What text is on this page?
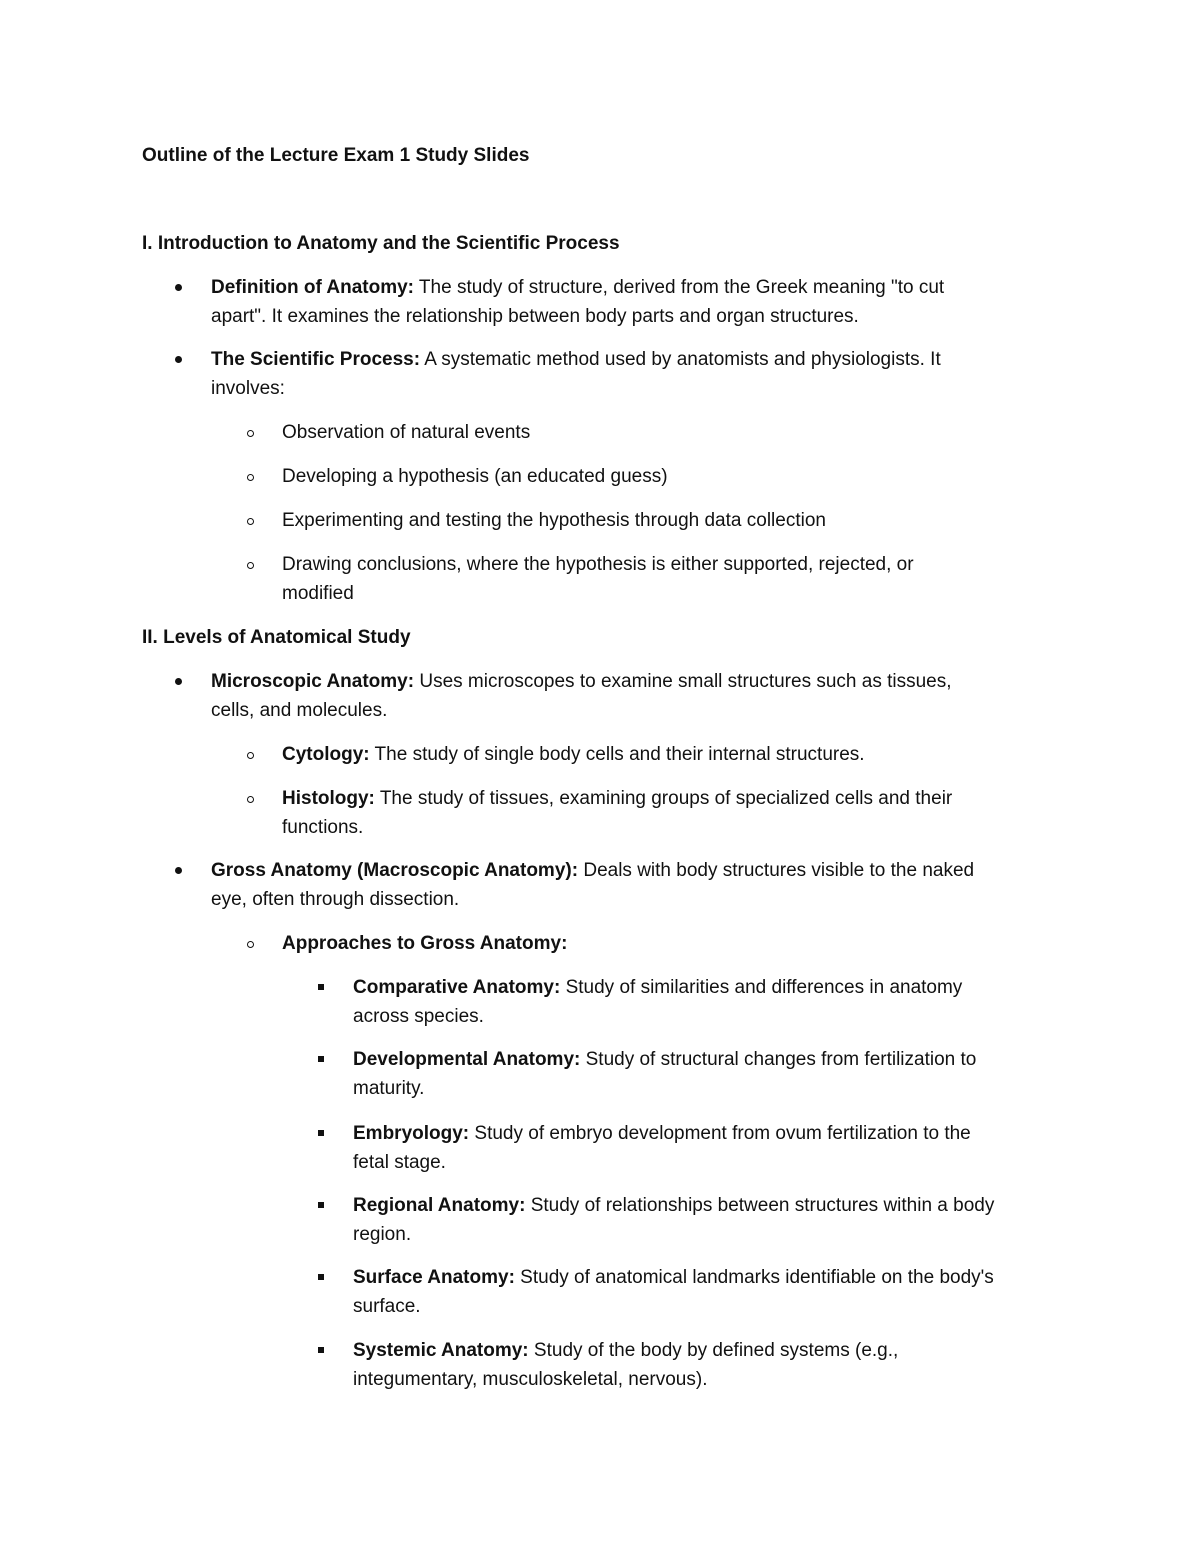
Outline of the Lecture Exam 1 Study Slides
I. Introduction to Anatomy and the Scientific Process
Definition of Anatomy: The study of structure, derived from the Greek meaning "to cut
apart". It examines the relationship between body parts and organ structures.
The Scientific Process: A systematic method used by anatomists and physiologists. It
involves:
Observation of natural events
Developing a hypothesis (an educated guess)
Experimenting and testing the hypothesis through data collection
Drawing conclusions, where the hypothesis is either supported, rejected, or
modified
II. Levels of Anatomical Study
Microscopic Anatomy: Uses microscopes to examine small structures such as tissues,
cells, and molecules.
Cytology: The study of single body cells and their internal structures.
Histology: The study of tissues, examining groups of specialized cells and their
functions.
Gross Anatomy (Macroscopic Anatomy): Deals with body structures visible to the naked
eye, often through dissection.
Approaches to Gross Anatomy:
Comparative Anatomy: Study of similarities and differences in anatomy
across species.
Developmental Anatomy: Study of structural changes from fertilization to
maturity.
Embryology: Study of embryo development from ovum fertilization to the
fetal stage.
Regional Anatomy: Study of relationships between structures within a body
region.
Surface Anatomy: Study of anatomical landmarks identifiable on the body's
surface.
Systemic Anatomy: Study of the body by defined systems (e.g.,
integumentary, musculoskeletal, nervous).
